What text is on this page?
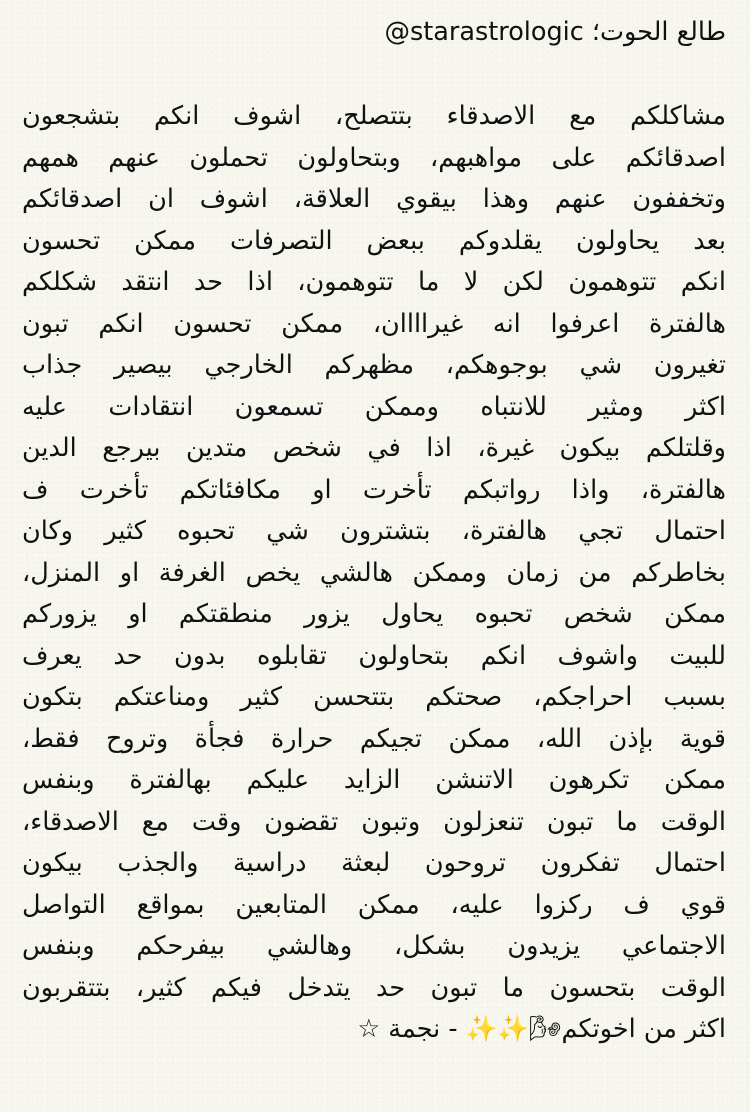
طالع الحوت؛ @starastrologic
مشاكلكم مع الاصدقاء بتتصلح، اشوف انكم بتشجعون
اصدقائكم على مواهبهم، وبتحاولون تحملون عنهم همهم
وتخففون عنهم وهذا بيقوي العلاقة، اشوف ان اصدقائكم
بعد يحاولون يقلدوكم ببعض التصرفات ممكن تحسون
انكم تتوهمون لكن لا ما تتوهمون، اذا حد انتقد شكلكم
هالفترة اعرفوا انه غيراااان، ممكن تحسون انكم تبون
تغيرون شي بوجوهكم، مظهركم الخارجي بيصير جذاب
اكثر ومثير للانتباه وممكن تسمعون انتقادات عليه
وقلتلكم بيكون غيرة، اذا في شخص متدين بيرجع الدين
هالفترة، واذا رواتبكم تأخرت او مكافئاتكم تأخرت ف
احتمال تجي هالفترة، بتشترون شي تحبوه كثير وكان
بخاطركم من زمان وممكن هالشي يخص الغرفة او المنزل،
ممكن شخص تحبوه يحاول يزور منطقتكم او يزوركم
للبيت واشوف انكم بتحاولون تقابلوه بدون حد يعرف
بسبب احراجكم، صحتكم بتتحسن كثير ومناعتكم بتكون
قوية بإذن الله، ممكن تجيكم حرارة فجأة وتروح فقط،
ممكن تكرهون الاتنشن الزايد عليكم بهالفترة وبنفس
الوقت ما تبون تنعزلون وتبون تقضون وقت مع الاصدقاء،
احتمال تفكرون تروحون لبعثة دراسية والجذب بيكون
قوي ف ركزوا عليه، ممكن المتابعين بمواقع التواصل
الاجتماعي يزيدون بشكل، وهالشي بيفرحكم وبنفس
الوقت بتحسون ما تبون حد يتدخل فيكم كثير، بتتقربون
اكثر من اخوتكم🌬✨✨ - نجمة ☆
